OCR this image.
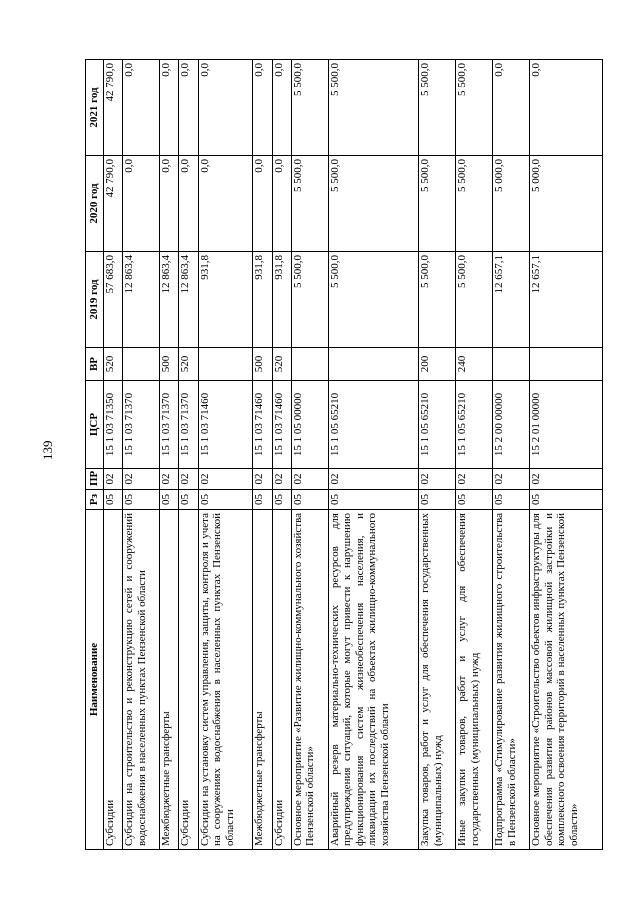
139
Наименование	Рз	ПР	ЦСР	ВР	2019 год	2020 год	2021 год
Субсидии	05	02	15 1 03 71350	520	57 683,0	42 790,0	42 790,0
Субсидии на строительство и реконструкцию сетей и сооружений водоснабжения в населенных пунктах Пензенской области	05	02	15 1 03 71370		12 863,4	0,0	0,0
Межбюджетные трансферты	05	02	15 1 03 71370	500	12 863,4	0,0	0,0
Субсидии	05	02	15 1 03 71370	520	12 863,4	0,0	0,0
Субсидии на установку систем управления, защиты, контроля и учета на сооружениях водоснабжения в населенных пунктах Пензенской области	05	02	15 1 03 71460		931,8	0,0	0,0
Межбюджетные трансферты	05	02	15 1 03 71460	500	931,8	0,0	0,0
Субсидии	05	02	15 1 03 71460	520	931,8	0,0	0,0
Основное мероприятие «Развитие жилищно-коммунального хозяйства Пензенской области»	05	02	15 1 05 00000		5 500,0	5 500,0	5 500,0
Аварийный резерв материально-технических ресурсов для предупреждения ситуаций, которые могут привести к нарушению функционирования систем жизнеобеспечения населения, и ликвидации их последствий на объектах жилищно-коммунального хозяйства Пензенской области	05	02	15 1 05 65210		5 500,0	5 500,0	5 500,0
Закупка товаров, работ и услуг для обеспечения государственных (муниципальных) нужд	05	02	15 1 05 65210	200	5 500,0	5 500,0	5 500,0
Иные закупки товаров, работ и услуг для обеспечения государственных (муниципальных) нужд	05	02	15 1 05 65210	240	5 500,0	5 500,0	5 500,0
Подпрограмма «Стимулирование развития жилищного строительства в Пензенской области»	05	02	15 2 00 00000		12 657,1	5 000,0	0,0
Основное мероприятие «Строительство объектов инфраструктуры для обеспечения развития районов массовой жилищной застройки и комплексного освоения территорий в населенных пунктах Пензенской области»	05	02	15 2 01 00000		12 657,1	5 000,0	0,0
